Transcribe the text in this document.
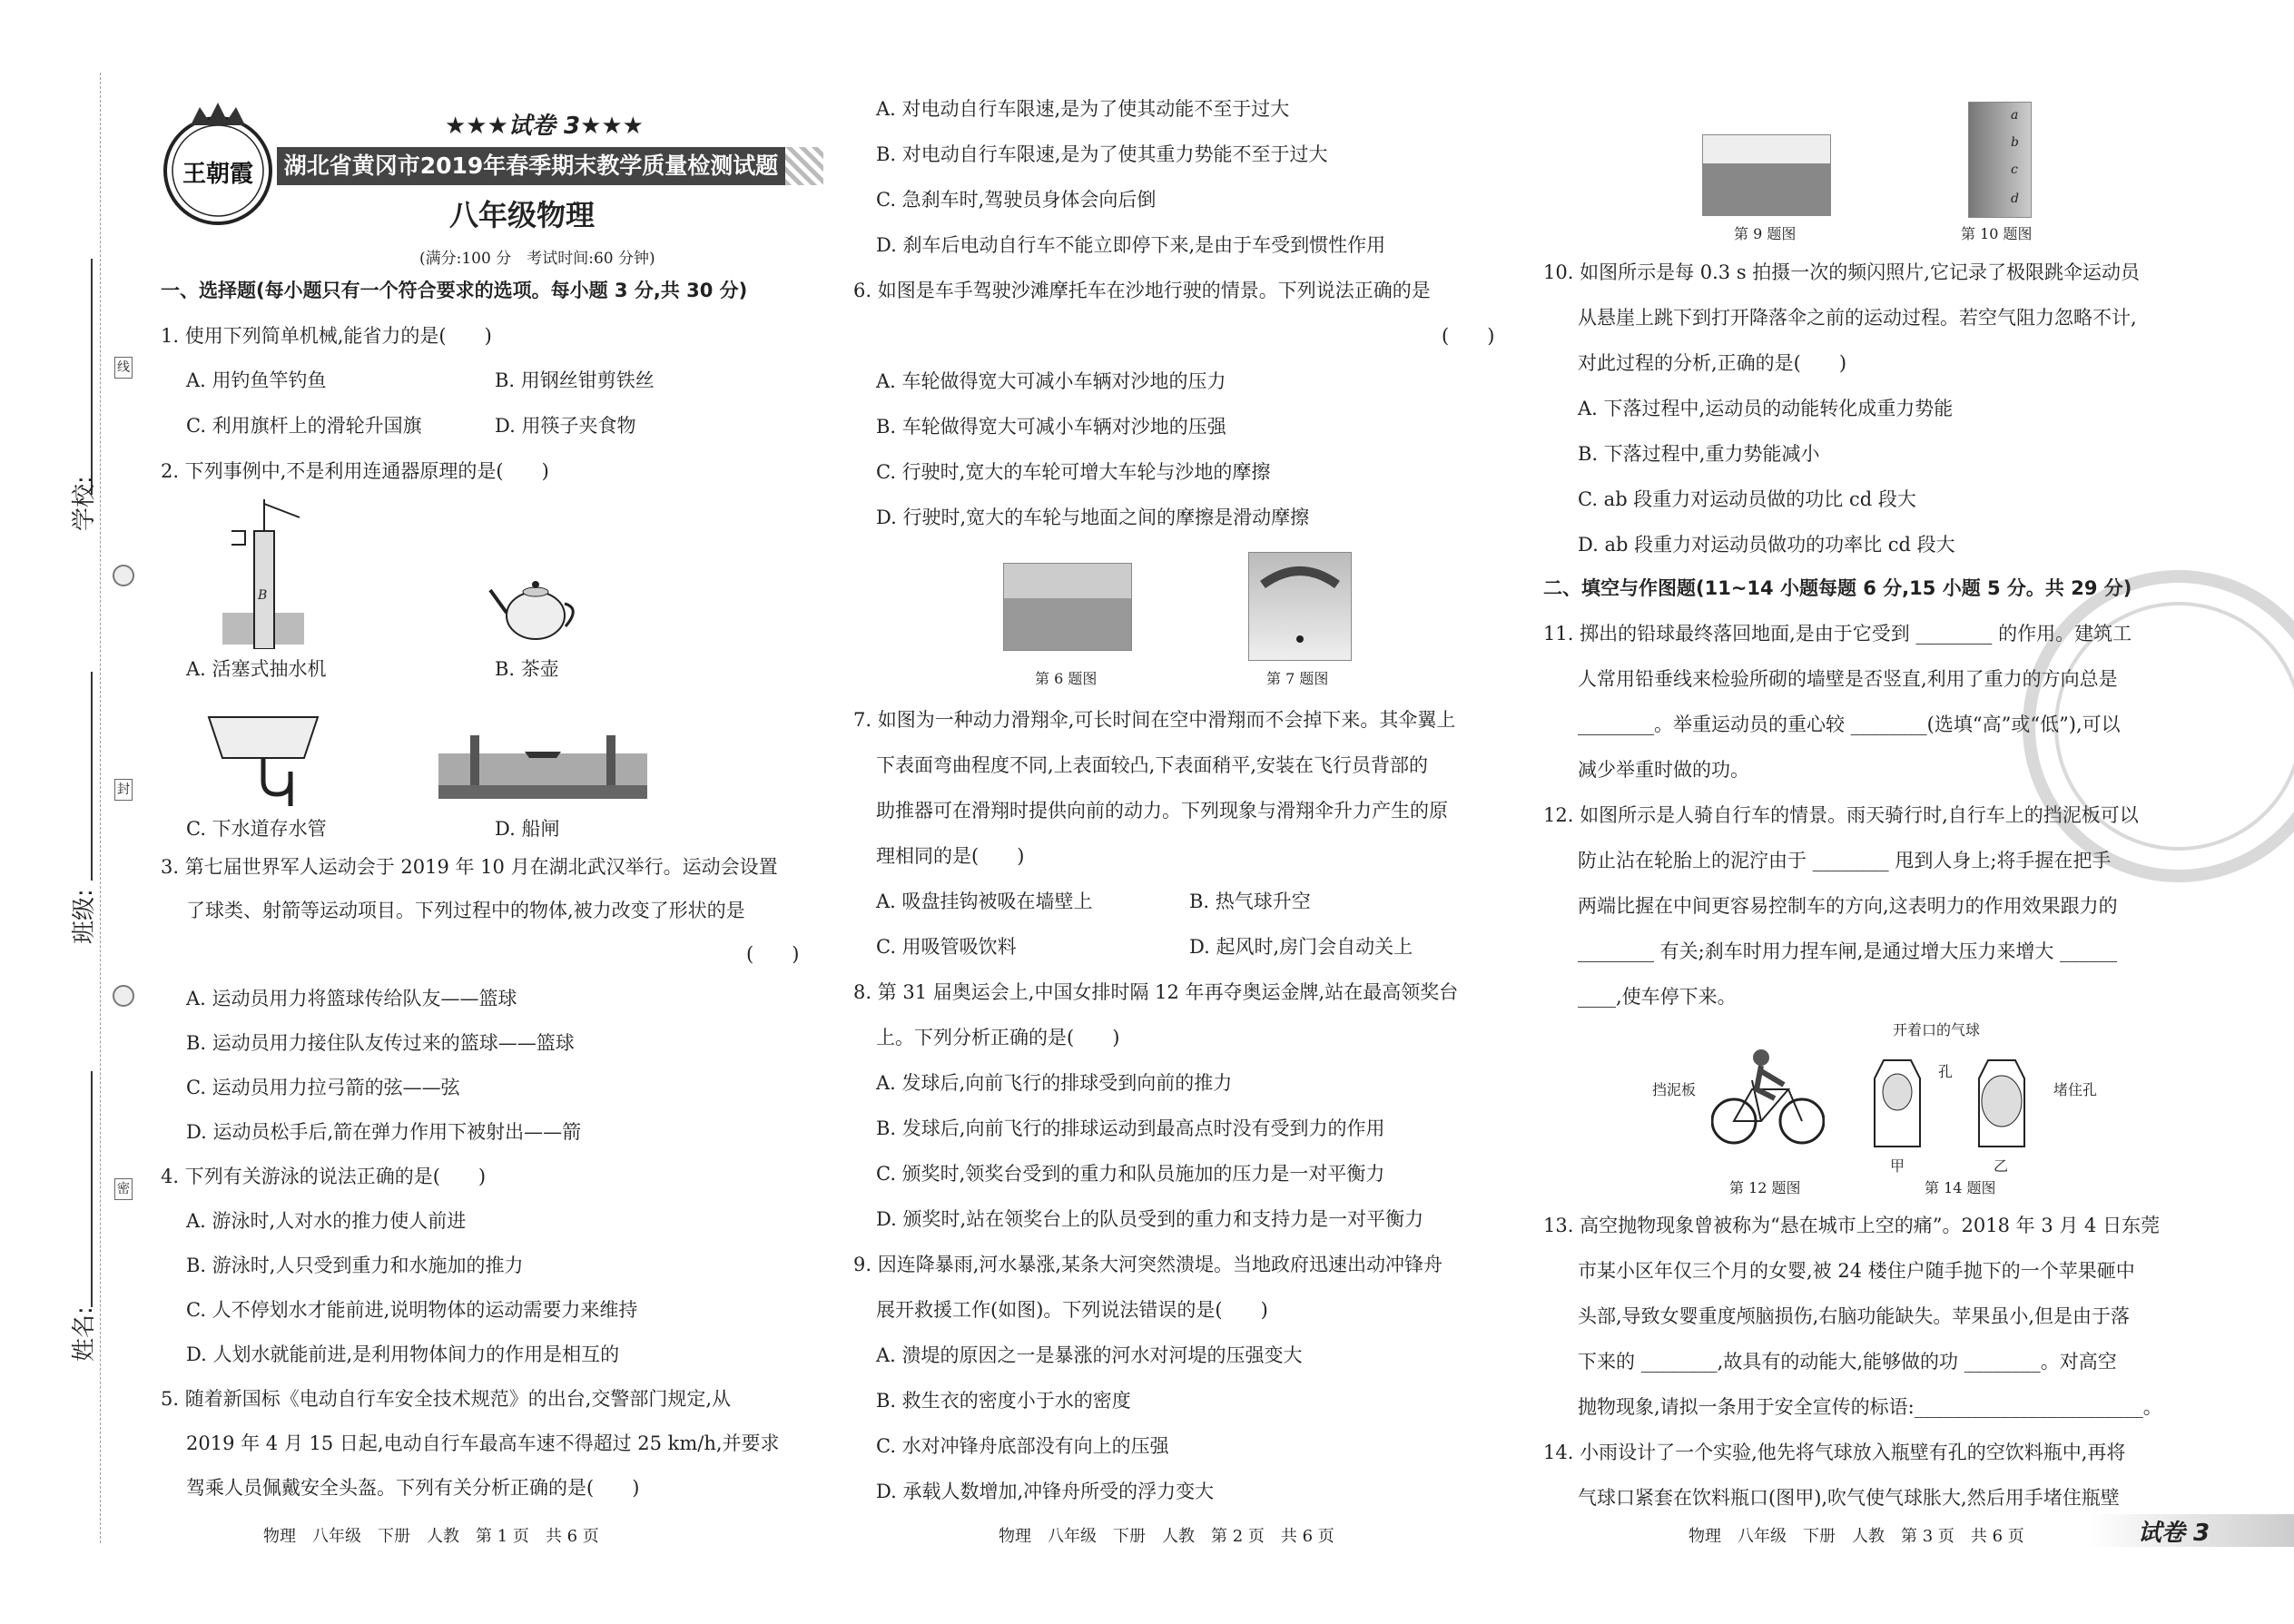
学校:
班级:
姓名:
线
封
密
王朝霞
★★★试卷 3★★★
湖北省黄冈市2019年春季期末教学质量检测试题
八年级物理
(满分:100 分　考试时间:60 分钟)
一、选择题(每小题只有一个符合要求的选项。每小题 3 分,共 30 分)
1. 使用下列简单机械,能省力的是(　　)
A. 用钓鱼竿钓鱼	B. 用钢丝钳剪铁丝
C. 利用旗杆上的滑轮升国旗	D. 用筷子夹食物
2. 下列事例中,不是利用连通器原理的是(　　)
B
A. 活塞式抽水机	B. 茶壶
C. 下水道存水管	D. 船闸
3. 第七届世界军人运动会于 2019 年 10 月在湖北武汉举行。运动会设置
了球类、射箭等运动项目。下列过程中的物体,被力改变了形状的是
(　　)
A. 运动员用力将篮球传给队友——篮球
B. 运动员用力接住队友传过来的篮球——篮球
C. 运动员用力拉弓箭的弦——弦
D. 运动员松手后,箭在弹力作用下被射出——箭
4. 下列有关游泳的说法正确的是(　　)
A. 游泳时,人对水的推力使人前进
B. 游泳时,人只受到重力和水施加的推力
C. 人不停划水才能前进,说明物体的运动需要力来维持
D. 人划水就能前进,是利用物体间力的作用是相互的
5. 随着新国标《电动自行车安全技术规范》的出台,交警部门规定,从
2019 年 4 月 15 日起,电动自行车最高车速不得超过 25 km/h,并要求
驾乘人员佩戴安全头盔。下列有关分析正确的是(　　)
物理　八年级　下册　人教　第 1 页　共 6 页
A. 对电动自行车限速,是为了使其动能不至于过大
B. 对电动自行车限速,是为了使其重力势能不至于过大
C. 急刹车时,驾驶员身体会向后倒
D. 刹车后电动自行车不能立即停下来,是由于车受到惯性作用
6. 如图是车手驾驶沙滩摩托车在沙地行驶的情景。下列说法正确的是
(　　)
A. 车轮做得宽大可减小车辆对沙地的压力
B. 车轮做得宽大可减小车辆对沙地的压强
C. 行驶时,宽大的车轮可增大车轮与沙地的摩擦
D. 行驶时,宽大的车轮与地面之间的摩擦是滑动摩擦
第 6 题图	第 7 题图
7. 如图为一种动力滑翔伞,可长时间在空中滑翔而不会掉下来。其伞翼上
下表面弯曲程度不同,上表面较凸,下表面稍平,安装在飞行员背部的
助推器可在滑翔时提供向前的动力。下列现象与滑翔伞升力产生的原
理相同的是(　　)
A. 吸盘挂钩被吸在墙壁上	B. 热气球升空
C. 用吸管吸饮料	D. 起风时,房门会自动关上
8. 第 31 届奥运会上,中国女排时隔 12 年再夺奥运金牌,站在最高领奖台
上。下列分析正确的是(　　)
A. 发球后,向前飞行的排球受到向前的推力
B. 发球后,向前飞行的排球运动到最高点时没有受到力的作用
C. 颁奖时,领奖台受到的重力和队员施加的压力是一对平衡力
D. 颁奖时,站在领奖台上的队员受到的重力和支持力是一对平衡力
9. 因连降暴雨,河水暴涨,某条大河突然溃堤。当地政府迅速出动冲锋舟
展开救援工作(如图)。下列说法错误的是(　　)
A. 溃堤的原因之一是暴涨的河水对河堤的压强变大
B. 救生衣的密度小于水的密度
C. 水对冲锋舟底部没有向上的压强
D. 承载人数增加,冲锋舟所受的浮力变大
物理　八年级　下册　人教　第 2 页　共 6 页
a
b
c
d
第 9 题图	第 10 题图
10. 如图所示是每 0.3 s 拍摄一次的频闪照片,它记录了极限跳伞运动员
从悬崖上跳下到打开降落伞之前的运动过程。若空气阻力忽略不计,
对此过程的分析,正确的是(　　)
A. 下落过程中,运动员的动能转化成重力势能
B. 下落过程中,重力势能减小
C. ab 段重力对运动员做的功比 cd 段大
D. ab 段重力对运动员做功的功率比 cd 段大
二、填空与作图题(11~14 小题每题 6 分,15 小题 5 分。共 29 分)
11. 掷出的铅球最终落回地面,是由于它受到 ________ 的作用。建筑工
人常用铅垂线来检验所砌的墙壁是否竖直,利用了重力的方向总是
________。举重运动员的重心较 ________(选填“高”或“低”),可以
减少举重时做的功。
12. 如图所示是人骑自行车的情景。雨天骑行时,自行车上的挡泥板可以
防止沾在轮胎上的泥泞由于 ________ 甩到人身上;将手握在把手
两端比握在中间更容易控制车的方向,这表明力的作用效果跟力的
________ 有关;刹车时用力捏车闸,是通过增大压力来增大 ______
____,使车停下来。
开着口的气球
挡泥板
孔
堵住孔
甲	乙
第 12 题图	第 14 题图
13. 高空抛物现象曾被称为“悬在城市上空的痛”。2018 年 3 月 4 日东莞
市某小区年仅三个月的女婴,被 24 楼住户随手抛下的一个苹果砸中
头部,导致女婴重度颅脑损伤,右脑功能缺失。苹果虽小,但是由于落
下来的 ________,故具有的动能大,能够做的功 ________。对高空
抛物现象,请拟一条用于安全宣传的标语:________________________。
14. 小雨设计了一个实验,他先将气球放入瓶壁有孔的空饮料瓶中,再将
气球口紧套在饮料瓶口(图甲),吹气使气球胀大,然后用手堵住瓶壁
物理　八年级　下册　人教　第 3 页　共 6 页	试卷 3
